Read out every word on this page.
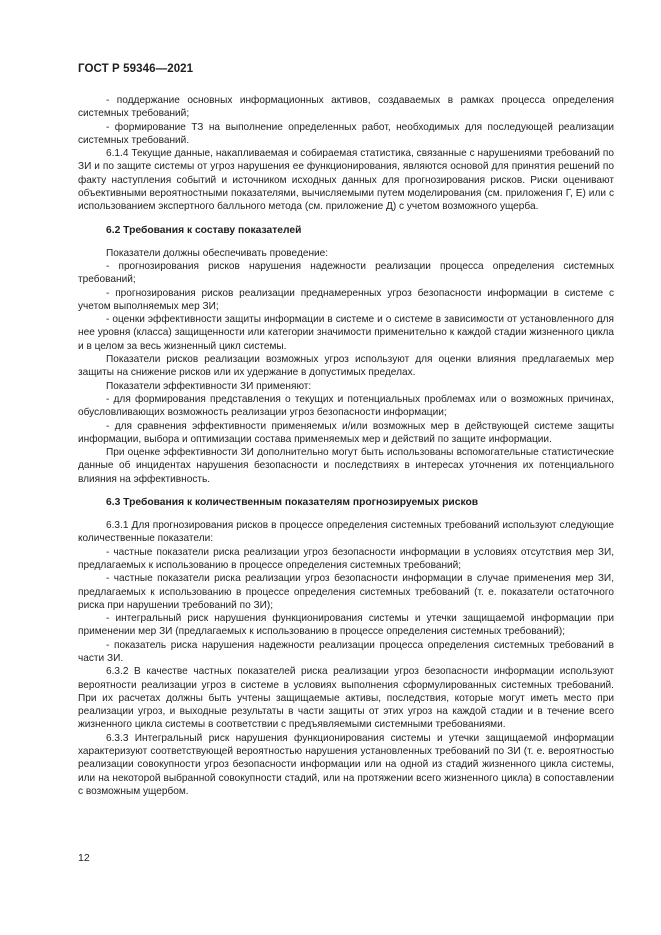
ГОСТ Р 59346—2021

- поддержание основных информационных активов, создаваемых в рамках процесса определения системных требований;

- формирование ТЗ на выполнение определенных работ, необходимых для последующей реализации системных требований.

6.1.4 Текущие данные, накапливаемая и собираемая статистика, связанные с нарушениями требований по ЗИ и по защите системы от угроз нарушения ее функционирования, являются основой для принятия решений по факту наступления событий и источником исходных данных для прогнозирования рисков. Риски оценивают объективными вероятностными показателями, вычисляемыми путем моделирования (см. приложения Г, Е) или с использованием экспертного балльного метода (см. приложение Д) с учетом возможного ущерба.

6.2 Требования к составу показателей

Показатели должны обеспечивать проведение:

- прогнозирования рисков нарушения надежности реализации процесса определения системных требований;

- прогнозирования рисков реализации преднамеренных угроз безопасности информации в системе с учетом выполняемых мер ЗИ;

- оценки эффективности защиты информации в системе и о системе в зависимости от установленного для нее уровня (класса) защищенности или категории значимости применительно к каждой стадии жизненного цикла и в целом за весь жизненный цикл системы.

Показатели рисков реализации возможных угроз используют для оценки влияния предлагаемых мер защиты на снижение рисков или их удержание в допустимых пределах.

Показатели эффективности ЗИ применяют:

- для формирования представления о текущих и потенциальных проблемах или о возможных причинах, обусловливающих возможность реализации угроз безопасности информации;

- для сравнения эффективности применяемых и/или возможных мер в действующей системе защиты информации, выбора и оптимизации состава применяемых мер и действий по защите информации.

При оценке эффективности ЗИ дополнительно могут быть использованы вспомогательные статистические данные об инцидентах нарушения безопасности и последствиях в интересах уточнения их потенциального влияния на эффективность.

6.3 Требования к количественным показателям прогнозируемых рисков

6.3.1 Для прогнозирования рисков в процессе определения системных требований используют следующие количественные показатели:

- частные показатели риска реализации угроз безопасности информации в условиях отсутствия мер ЗИ, предлагаемых к использованию в процессе определения системных требований;

- частные показатели риска реализации угроз безопасности информации в случае применения мер ЗИ, предлагаемых к использованию в процессе определения системных требований (т. е. показатели остаточного риска при нарушении требований по ЗИ);

- интегральный риск нарушения функционирования системы и утечки защищаемой информации при применении мер ЗИ (предлагаемых к использованию в процессе определения системных требований);

- показатель риска нарушения надежности реализации процесса определения системных требований в части ЗИ.

6.3.2 В качестве частных показателей риска реализации угроз безопасности информации используют вероятности реализации угроз в системе в условиях выполнения сформулированных системных требований. При их расчетах должны быть учтены защищаемые активы, последствия, которые могут иметь место при реализации угроз, и выходные результаты в части защиты от этих угроз на каждой стадии и в течение всего жизненного цикла системы в соответствии с предъявляемыми системными требованиями.

6.3.3 Интегральный риск нарушения функционирования системы и утечки защищаемой информации характеризуют соответствующей вероятностью нарушения установленных требований по ЗИ (т. е. вероятностью реализации совокупности угроз безопасности информации или на одной из стадий жизненного цикла системы, или на некоторой выбранной совокупности стадий, или на протяжении всего жизненного цикла) в сопоставлении с возможным ущербом.

12
